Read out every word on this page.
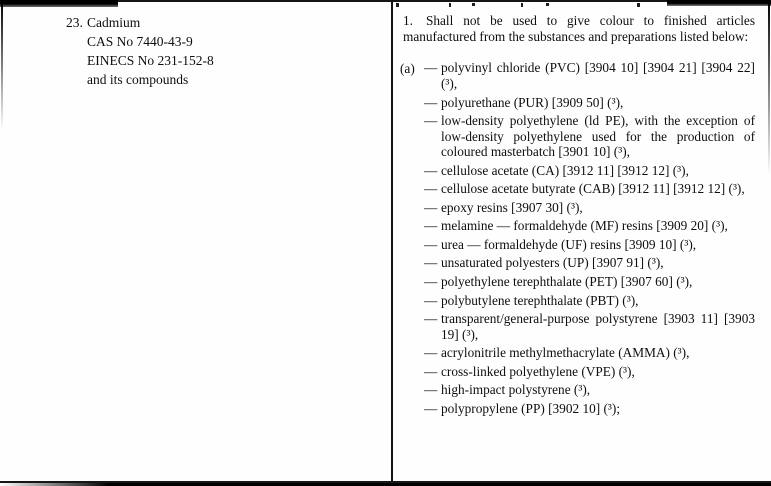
23. Cadmium
CAS No 7440-43-9
EINECS No 231-152-8
and its compounds

1. Shall not be used to give colour to finished articles manufactured from the substances and preparations listed below:

(a) — polyvinyl chloride (PVC) [3904 10] [3904 21] [3904 22] (³),
— polyurethane (PUR) [3909 50] (³),
— low-density polyethylene (ld PE), with the exception of low-density polyethylene used for the production of coloured masterbatch [3901 10] (³),
— cellulose acetate (CA) [3912 11] [3912 12] (³),
— cellulose acetate butyrate (CAB) [3912 11] [3912 12] (³),
— epoxy resins [3907 30] (³),
— melamine — formaldehyde (MF) resins [3909 20] (³),
— urea — formaldehyde (UF) resins [3909 10] (³),
— unsaturated polyesters (UP) [3907 91] (³),
— polyethylene terephthalate (PET) [3907 60] (³),
— polybutylene terephthalate (PBT) (³),
— transparent/general-purpose polystyrene [3903 11] [3903 19] (³),
— acrylonitrile methylmethacrylate (AMMA) (³),
— cross-linked polyethylene (VPE) (³),
— high-impact polystyrene (³),
— polypropylene (PP) [3902 10] (³);
